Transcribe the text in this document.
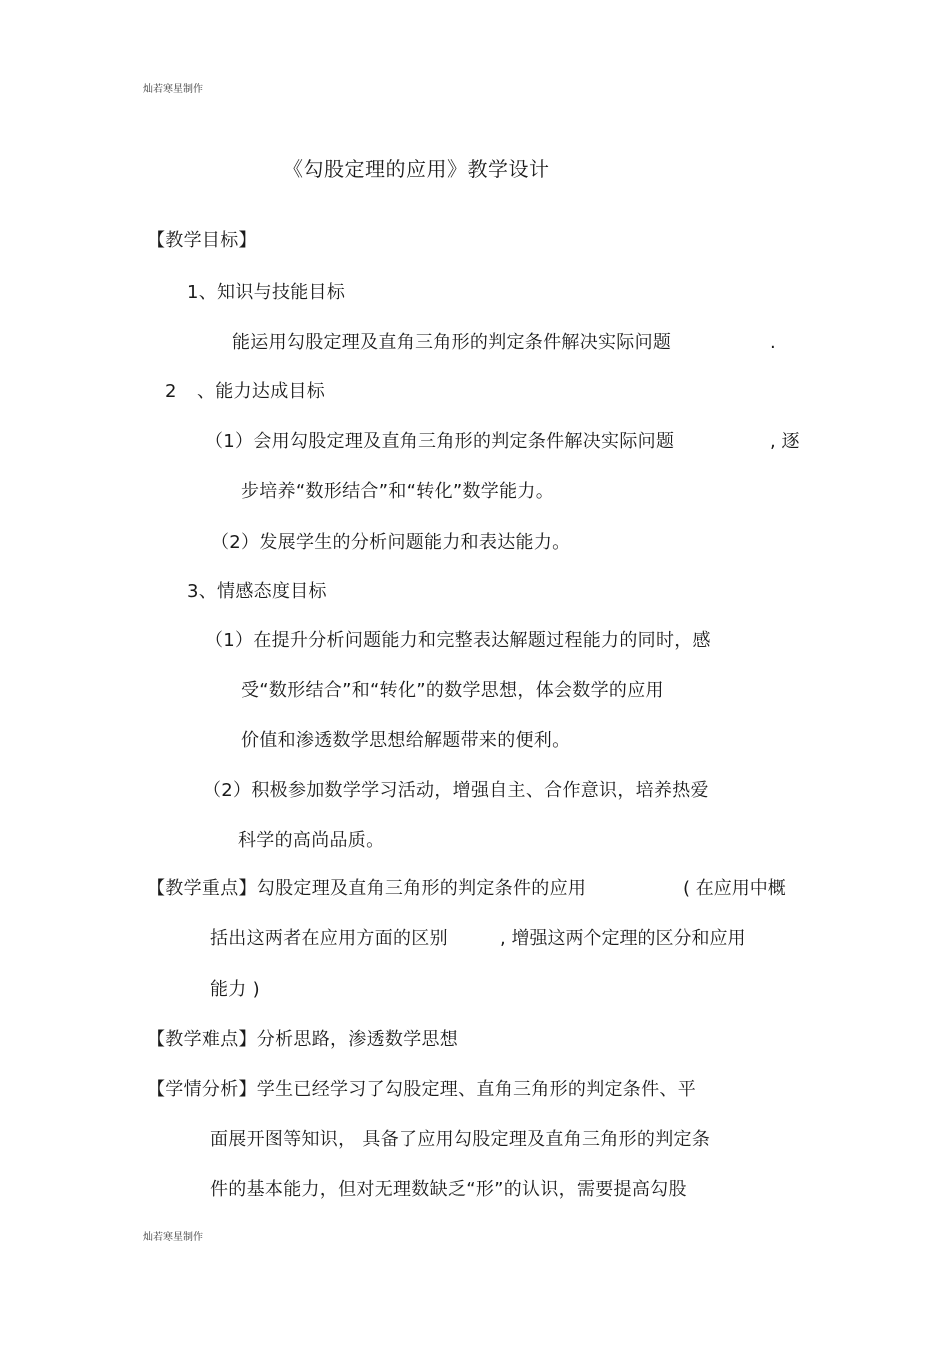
灿若寒星制作
《勾股定理的应用》教学设计
【教学目标】
1、知识与技能目标
能运用勾股定理及直角三角形的判定条件解决实际问题	.
2 、能力达成目标
（1）会用勾股定理及直角三角形的判定条件解决实际问题	, 逐
步培养“数形结合”和“转化”数学能力。
（2）发展学生的分析问题能力和表达能力。
3、情感态度目标
（1）在提升分析问题能力和完整表达解题过程能力的同时，感
受“数形结合”和“转化”的数学思想，体会数学的应用
价值和渗透数学思想给解题带来的便利。
（2）积极参加数学学习活动，增强自主、合作意识，培养热爱
科学的高尚品质。
【教学重点】勾股定理及直角三角形的判定条件的应用	( 在应用中概
括出这两者在应用方面的区别	, 增强这两个定理的区分和应用
能力 )
【教学难点】分析思路，渗透数学思想
【学情分析】学生已经学习了勾股定理、直角三角形的判定条件、平
面展开图等知识， 具备了应用勾股定理及直角三角形的判定条
件的基本能力，但对无理数缺乏“形”的认识，需要提高勾股
灿若寒星制作
